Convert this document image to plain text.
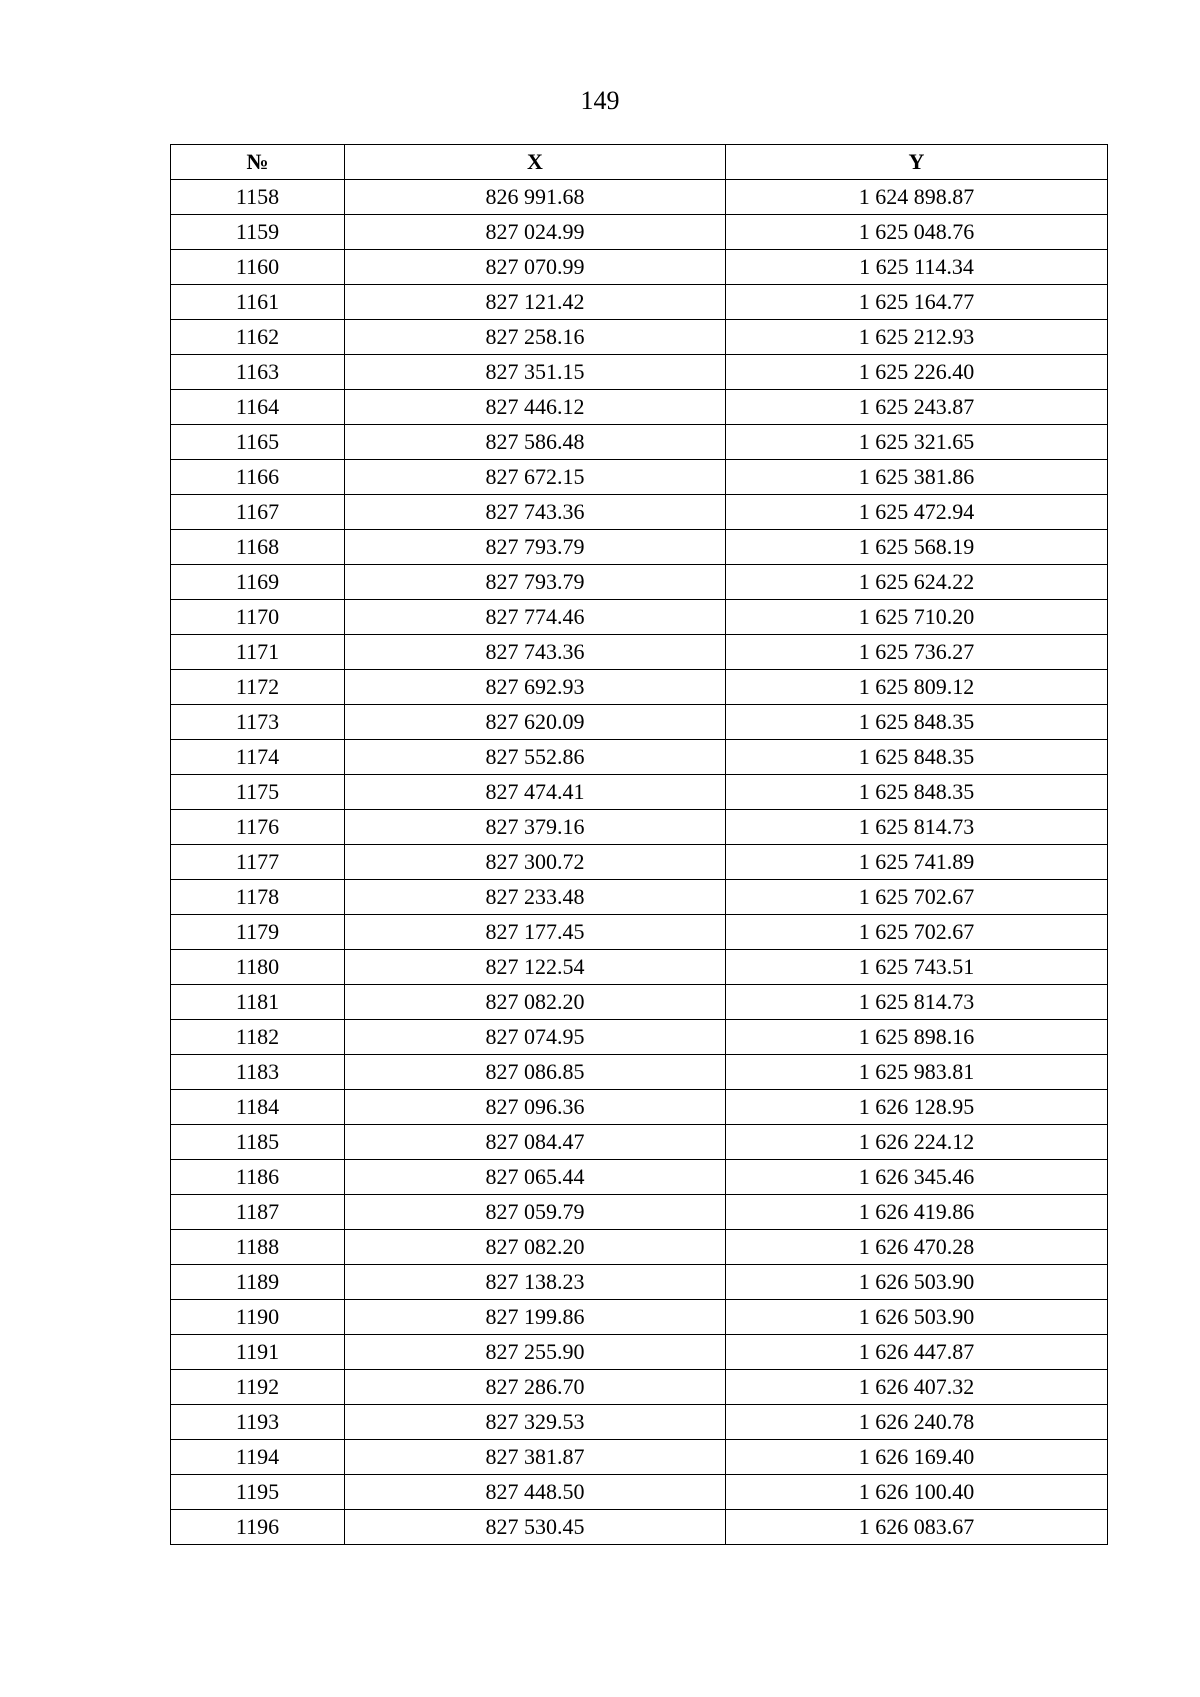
149
№	X	Y
1158	826 991.68	1 624 898.87
1159	827 024.99	1 625 048.76
1160	827 070.99	1 625 114.34
1161	827 121.42	1 625 164.77
1162	827 258.16	1 625 212.93
1163	827 351.15	1 625 226.40
1164	827 446.12	1 625 243.87
1165	827 586.48	1 625 321.65
1166	827 672.15	1 625 381.86
1167	827 743.36	1 625 472.94
1168	827 793.79	1 625 568.19
1169	827 793.79	1 625 624.22
1170	827 774.46	1 625 710.20
1171	827 743.36	1 625 736.27
1172	827 692.93	1 625 809.12
1173	827 620.09	1 625 848.35
1174	827 552.86	1 625 848.35
1175	827 474.41	1 625 848.35
1176	827 379.16	1 625 814.73
1177	827 300.72	1 625 741.89
1178	827 233.48	1 625 702.67
1179	827 177.45	1 625 702.67
1180	827 122.54	1 625 743.51
1181	827 082.20	1 625 814.73
1182	827 074.95	1 625 898.16
1183	827 086.85	1 625 983.81
1184	827 096.36	1 626 128.95
1185	827 084.47	1 626 224.12
1186	827 065.44	1 626 345.46
1187	827 059.79	1 626 419.86
1188	827 082.20	1 626 470.28
1189	827 138.23	1 626 503.90
1190	827 199.86	1 626 503.90
1191	827 255.90	1 626 447.87
1192	827 286.70	1 626 407.32
1193	827 329.53	1 626 240.78
1194	827 381.87	1 626 169.40
1195	827 448.50	1 626 100.40
1196	827 530.45	1 626 083.67
